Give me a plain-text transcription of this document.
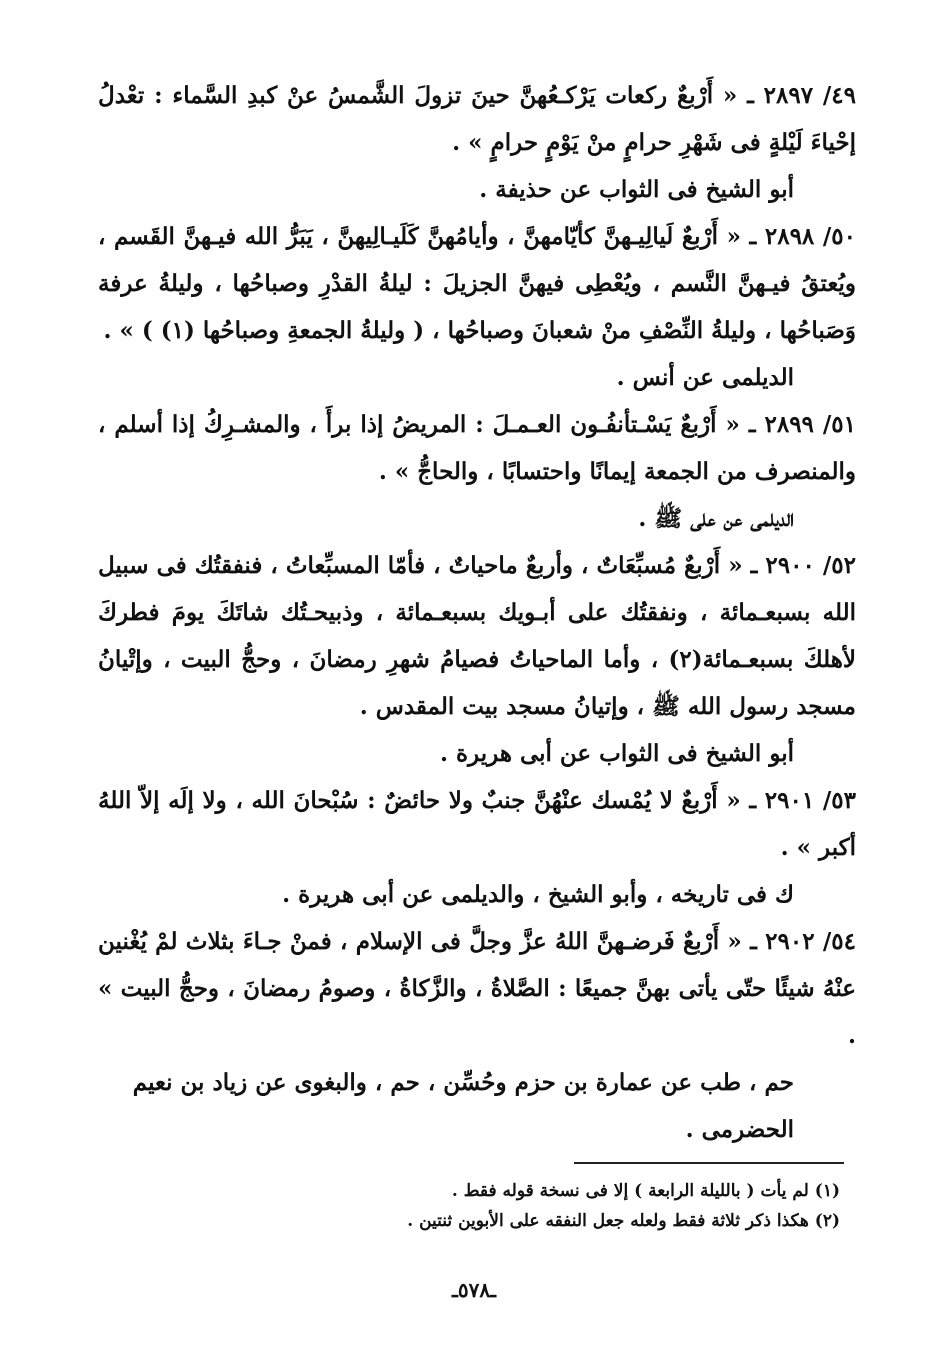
٤٩/ ٢٨٩٧ ـ « أَرْبعٌ ركعات يَرْكـعُهنَّ حينَ تزولَ الشَّمسُ عنْ كبدِ السَّماء : تعْدلُ إحْياءَ لَيْلةٍ فى شَهْرِ حرامٍ منْ يَوْمٍ حرامٍ » .

أبو الشيخ فى الثواب عن حذيفة .

٥٠/ ٢٨٩٨ ـ « أَرْبعٌ لَيالِيـهنَّ كأيّامهنَّ ، وأيامُهنَّ كَلَيـالِيهنَّ ، يَبَرُّ الله فيـهنَّ القَسم ، ويُعتقُ فيـهنَّ النَّسم ، ويُعْطِى فيهنَّ الجزيلَ : ليلةُ القدْرِ وصباحُها ، وليلةُ عرفة وَصَباحُها ، وليلةُ النِّصْفِ منْ شعبانَ وصباحُها ، ( وليلةُ الجمعةِ وصباحُها (١) ) » .

الديلمى عن أنس .

٥١/ ٢٨٩٩ ـ « أَرْبعٌ يَسْـتأنفُـون العـمـلَ : المريضُ إذا برأَ ، والمشـرِكُ إذا أسلم ، والمنصرف من الجمعة إيمانًا واحتسابًا ، والحاجُّ » .

الديلمى عن على ﷺ .

٥٢/ ٢٩٠٠ ـ « أَرْبعٌ مُسبِّعَاتٌ ، وأربعٌ ماحياتٌ ، فأمّا المسبِّعاتُ ، فنفقتُك فى سبيل الله بسبعـمائة ، ونفقتُك على أبـويك بسبعـمائة ، وذبيحـتُك شاتَكَ يومَ فطركَ لأهلكَ بسبعـمائة(٢) ، وأما الماحياتُ فصيامُ شهرِ رمضانَ ، وحجُّ البيت ، وإتْيانُ مسجد رسول الله ﷺ ، وإتيانُ مسجد بيت المقدس .

أبو الشيخ فى الثواب عن أبى هريرة .

٥٣/ ٢٩٠١ ـ « أَرْبعٌ لا يُمْسك عنْهُنَّ جنبٌ ولا حائضٌ : سُبْحانَ الله ، ولا إلَه إلاّ اللهُ أكبر » .

ك فى تاريخه ، وأبو الشيخ ، والديلمى عن أبى هريرة .

٥٤/ ٢٩٠٢ ـ « أَرْبعٌ فَرضـهنَّ اللهُ عزَّ وجلَّ فى الإسلام ، فمنْ جـاءَ بثلاث لمْ يُغْنين عنْهُ شيئًا حتّى يأتى بهنَّ جميعًا : الصَّلاةُ ، والزَّكاةُ ، وصومُ رمضانَ ، وحجُّ البيت » .

حم ، طب عن عمارة بن حزم وحُسِّن ، حم ، والبغوى عن زياد بن نعيم الحضرمى .

(١) لم يأت ( بالليلة الرابعة ) إلا فى نسخة قوله فقط .

(٢) هكذا ذكر ثلاثة فقط ولعله جعل النفقه على الأبوين ثنتين .

ـ٥٧٨ـ
